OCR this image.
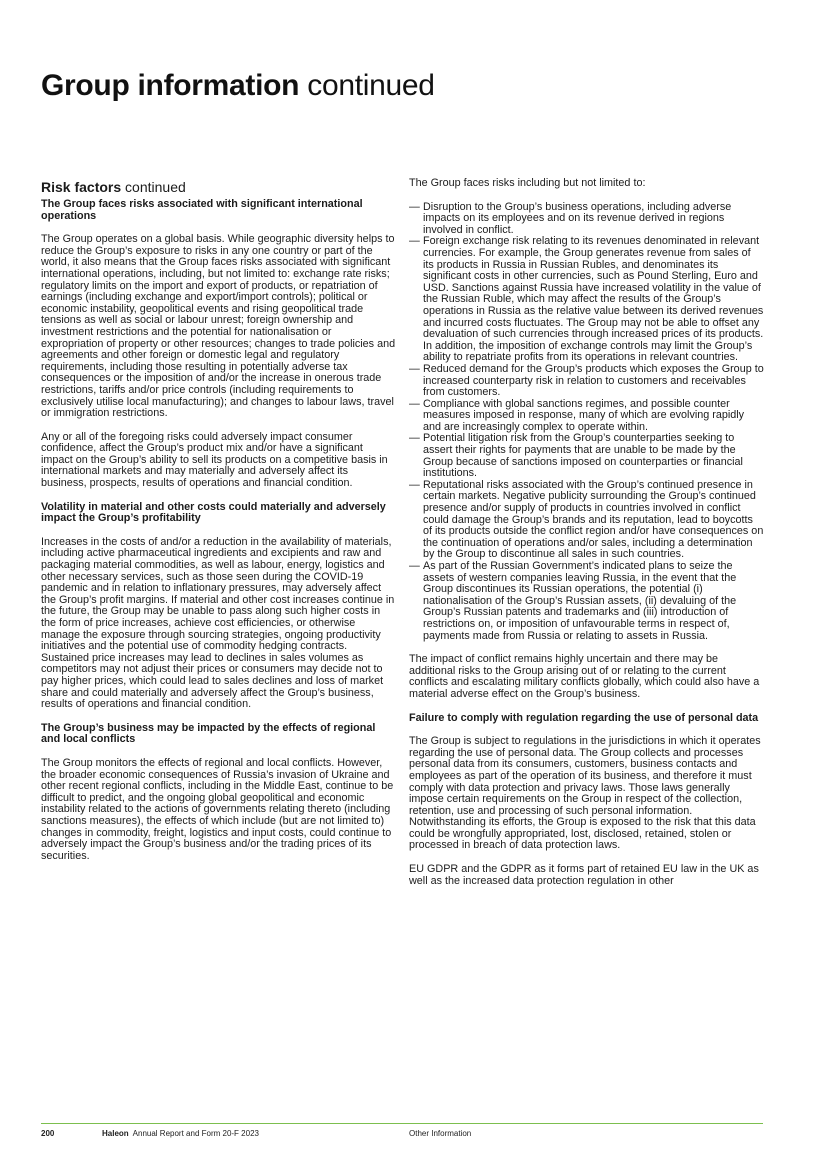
Group information continued
Risk factors continued
The Group faces risks associated with significant international operations

The Group operates on a global basis. While geographic diversity helps to reduce the Group’s exposure to risks in any one country or part of the world, it also means that the Group faces risks associated with significant international operations, including, but not limited to: exchange rate risks; regulatory limits on the import and export of products, or repatriation of earnings (including exchange and export/import controls); political or economic instability, geopolitical events and rising geopolitical trade tensions as well as social or labour unrest; foreign ownership and investment restrictions and the potential for nationalisation or expropriation of property or other resources; changes to trade policies and agreements and other foreign or domestic legal and regulatory requirements, including those resulting in potentially adverse tax consequences or the imposition of and/or the increase in onerous trade restrictions, tariffs and/or price controls (including requirements to exclusively utilise local manufacturing); and changes to labour laws, travel or immigration restrictions.

Any or all of the foregoing risks could adversely impact consumer confidence, affect the Group’s product mix and/or have a significant impact on the Group’s ability to sell its products on a competitive basis in international markets and may materially and adversely affect its business, prospects, results of operations and financial condition.

Volatility in material and other costs could materially and adversely impact the Group’s profitability

Increases in the costs of and/or a reduction in the availability of materials, including active pharmaceutical ingredients and excipients and raw and packaging material commodities, as well as labour, energy, logistics and other necessary services, such as those seen during the COVID-19 pandemic and in relation to inflationary pressures, may adversely affect the Group’s profit margins. If material and other cost increases continue in the future, the Group may be unable to pass along such higher costs in the form of price increases, achieve cost efficiencies, or otherwise manage the exposure through sourcing strategies, ongoing productivity initiatives and the potential use of commodity hedging contracts. Sustained price increases may lead to declines in sales volumes as competitors may not adjust their prices or consumers may decide not to pay higher prices, which could lead to sales declines and loss of market share and could materially and adversely affect the Group’s business, results of operations and financial condition.

The Group’s business may be impacted by the effects of regional and local conflicts

The Group monitors the effects of regional and local conflicts. However, the broader economic consequences of Russia’s invasion of Ukraine and other recent regional conflicts, including in the Middle East, continue to be difficult to predict, and the ongoing global geopolitical and economic instability related to the actions of governments relating thereto (including sanctions measures), the effects of which include (but are not limited to) changes in commodity, freight, logistics and input costs, could continue to adversely impact the Group’s business and/or the trading prices of its securities.

The Group faces risks including but not limited to:

— Disruption to the Group’s business operations, including adverse impacts on its employees and on its revenue derived in regions involved in conflict.
— Foreign exchange risk relating to its revenues denominated in relevant currencies. For example, the Group generates revenue from sales of its products in Russia in Russian Rubles, and denominates its significant costs in other currencies, such as Pound Sterling, Euro and USD. Sanctions against Russia have increased volatility in the value of the Russian Ruble, which may affect the results of the Group’s operations in Russia as the relative value between its derived revenues and incurred costs fluctuates. The Group may not be able to offset any devaluation of such currencies through increased prices of its products. In addition, the imposition of exchange controls may limit the Group’s ability to repatriate profits from its operations in relevant countries.
— Reduced demand for the Group’s products which exposes the Group to increased counterparty risk in relation to customers and receivables from customers.
— Compliance with global sanctions regimes, and possible counter measures imposed in response, many of which are evolving rapidly and are increasingly complex to operate within.
— Potential litigation risk from the Group’s counterparties seeking to assert their rights for payments that are unable to be made by the Group because of sanctions imposed on counterparties or financial institutions.
— Reputational risks associated with the Group’s continued presence in certain markets. Negative publicity surrounding the Group’s continued presence and/or supply of products in countries involved in conflict could damage the Group’s brands and its reputation, lead to boycotts of its products outside the conflict region and/or have consequences on the continuation of operations and/or sales, including a determination by the Group to discontinue all sales in such countries.
— As part of the Russian Government’s indicated plans to seize the assets of western companies leaving Russia, in the event that the Group discontinues its Russian operations, the potential (i) nationalisation of the Group’s Russian assets, (ii) devaluing of the Group’s Russian patents and trademarks and (iii) introduction of restrictions on, or imposition of unfavourable terms in respect of, payments made from Russia or relating to assets in Russia.

The impact of conflict remains highly uncertain and there may be additional risks to the Group arising out of or relating to the current conflicts and escalating military conflicts globally, which could also have a material adverse effect on the Group’s business.

Failure to comply with regulation regarding the use of personal data

The Group is subject to regulations in the jurisdictions in which it operates regarding the use of personal data. The Group collects and processes personal data from its consumers, customers, business contacts and employees as part of the operation of its business, and therefore it must comply with data protection and privacy laws. Those laws generally impose certain requirements on the Group in respect of the collection, retention, use and processing of such personal information. Notwithstanding its efforts, the Group is exposed to the risk that this data could be wrongfully appropriated, lost, disclosed, retained, stolen or processed in breach of data protection laws.

EU GDPR and the GDPR as it forms part of retained EU law in the UK as well as the increased data protection regulation in other

200	Haleon Annual Report and Form 20-F 2023	Other Information
